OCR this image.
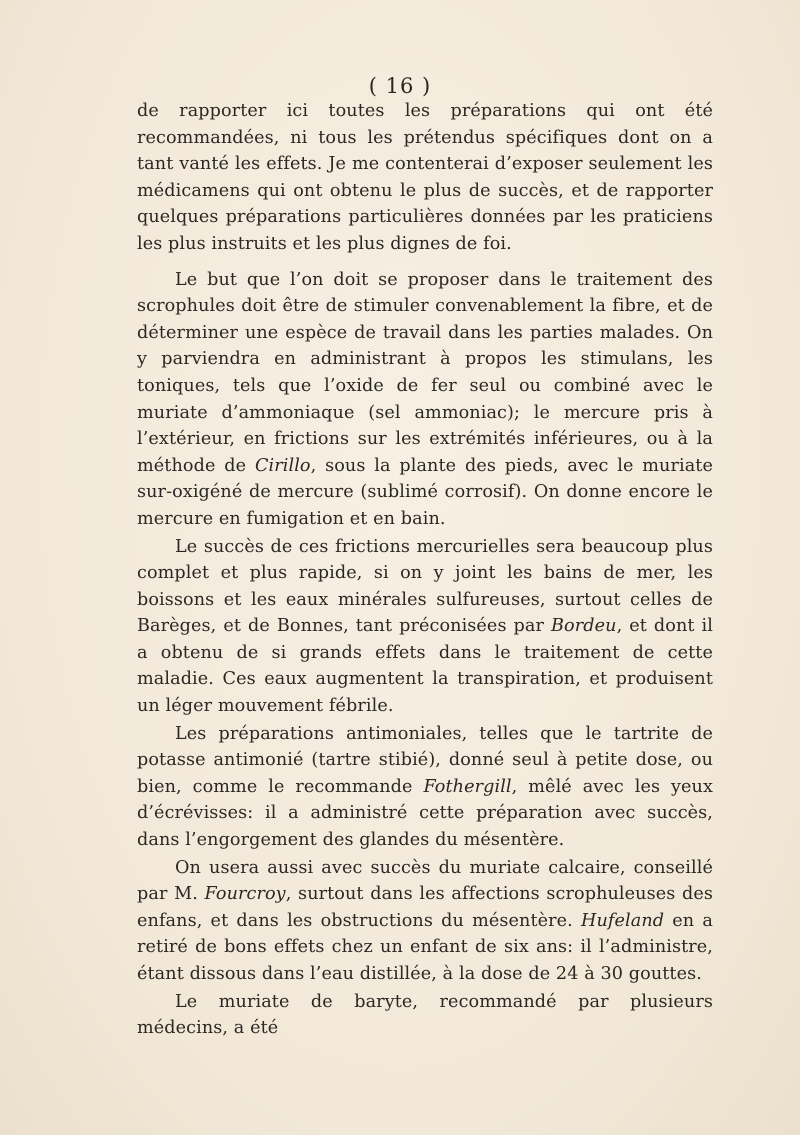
( 16 )

de rapporter ici toutes les préparations qui ont été recommandées, ni tous les prétendus spécifiques dont on a tant vanté les effets. Je me contenterai d’exposer seulement les médicamens qui ont obtenu le plus de succès, et de rapporter quelques préparations particulières données par les praticiens les plus instruits et les plus dignes de foi.

Le but que l’on doit se proposer dans le traitement des scrophules doit être de stimuler convenablement la fibre, et de déterminer une espèce de travail dans les parties malades. On y parviendra en administrant à propos les stimulans, les toniques, tels que l’oxide de fer seul ou combiné avec le muriate d’ammoniaque (sel ammoniac); le mercure pris à l’extérieur, en frictions sur les extrémités inférieures, ou à la méthode de Cirillo, sous la plante des pieds, avec le muriate sur-oxigéné de mercure (sublimé corrosif). On donne encore le mercure en fumigation et en bain.

Le succès de ces frictions mercurielles sera beaucoup plus complet et plus rapide, si on y joint les bains de mer, les boissons et les eaux minérales sulfureuses, surtout celles de Barèges, et de Bonnes, tant préconisées par Bordeu, et dont il a obtenu de si grands effets dans le traitement de cette maladie. Ces eaux augmentent la transpiration, et produisent un léger mouvement fébrile.

Les préparations antimoniales, telles que le tartrite de potasse antimonié (tartre stibié), donné seul à petite dose, ou bien, comme le recommande Fothergill, mêlé avec les yeux d’écrévisses: il a administré cette préparation avec succès, dans l’engorgement des glandes du mésentère.

On usera aussi avec succès du muriate calcaire, conseillé par M. Fourcroy, surtout dans les affections scrophuleuses des enfans, et dans les obstructions du mésentère. Hufeland en a retiré de bons effets chez un enfant de six ans: il l’administre, étant dissous dans l’eau distillée, à la dose de 24 à 30 gouttes.

Le muriate de baryte, recommandé par plusieurs médecins, a été
